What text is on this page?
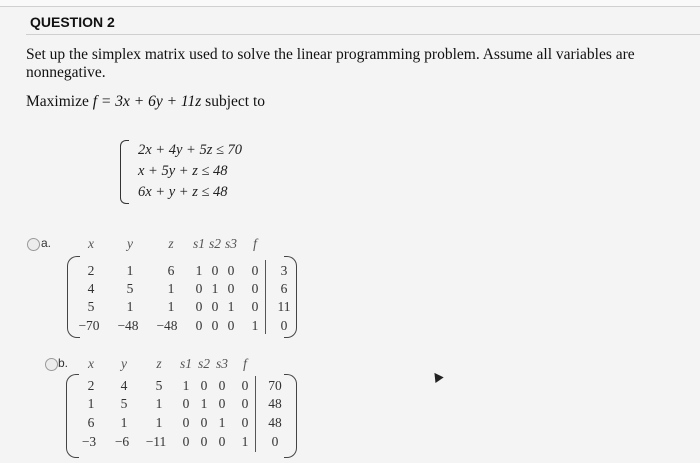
QUESTION 2
Set up the simplex matrix used to solve the linear programming problem. Assume all variables are nonnegative.
Maximize f = 3x + 6y + 11z subject to
2x + 4y + 5z ≤ 70
x + 5y + z ≤ 48
6x + y + z ≤ 48
a.	x	y	z	s1 s2 s3	f
2	1	6	1 0 0	0	3
4	5	1	0 1 0	0	6
5	1	1	0 0 1	0	11
−70	−48	−48	0 0 0	1	0
b.	x	y	z	s1 s2 s3	f
2	4	5	1 0 0	0	70
1	5	1	0 1 0	0	48
6	1	1	0 0 1	0	48
−3	−6	−11	0 0 0	1	0
